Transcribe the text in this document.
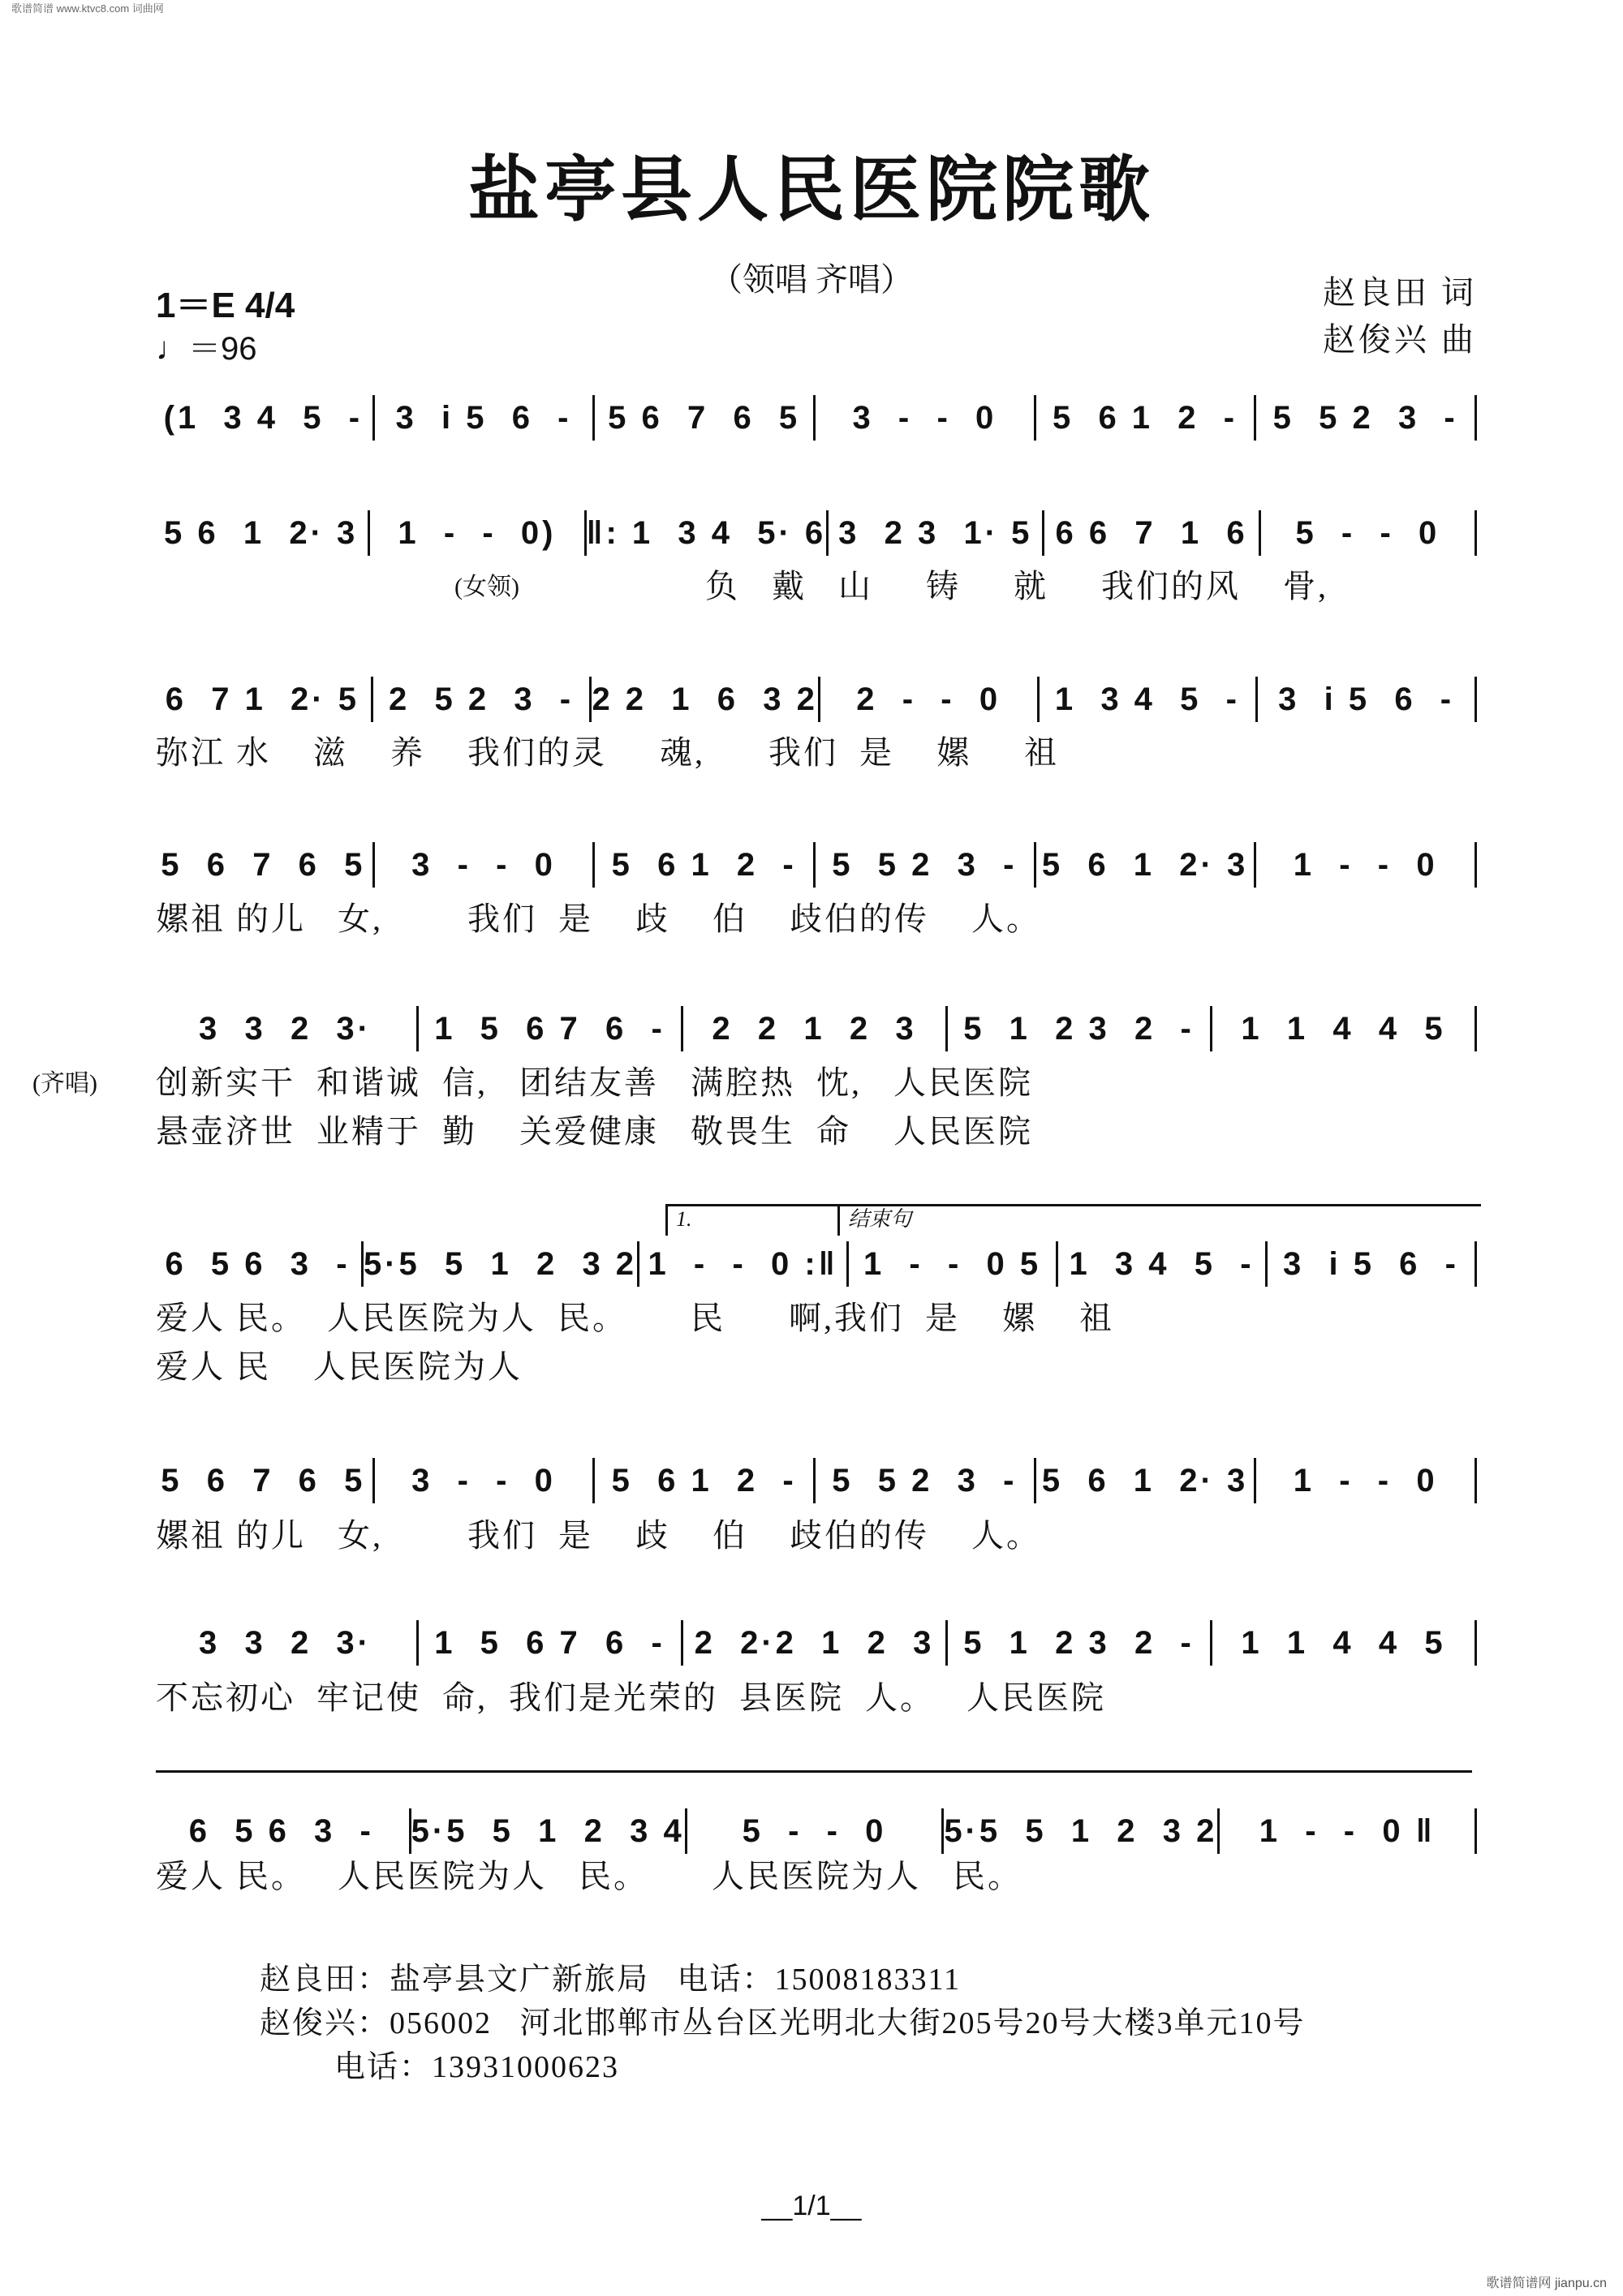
歌谱简谱 www.ktvc8.com 词曲网
盐亭县人民医院院歌
（领唱 齐唱）
1＝E 4/4
♩＝96
赵良田 词
赵俊兴 曲
(1  3 4  5  -	3  i 5  6  -	5 6  7  6  5	3  -  -  0	5  6 1  2  -	5  5 2  3  -
5 6  1  2· 3	1  -  -  0) ‖: 1  3 4  5· 6 3  2 3  1· 5 6 6  7  1  6	5  -  -  0
负   戴   山     铸     就     我们的风    骨,
(女领)
6  7 1  2· 5 2  5 2  3  - 2 2  1  6  3 2	2  -  -  0	1  3 4  5  -	3  i 5  6  -
弥江 水    滋    养    我们的灵     魂,      我们  是    嫘     祖
5  6  7  6  5	3  -  -  0	5  6 1  2  -	5  5 2  3  - 5  6  1  2· 3	1  -  -  0
嫘祖 的儿   女,        我们  是    歧    伯    歧伯的传    人。
3  3  2  3·	1  5  6 7  6  -	2  2  1  2  3	5  1  2 3  2  -	1  1  4  4  5
创新实干  和谐诚  信,   团结友善   满腔热  忱,   人民医院
悬壶济世  业精于  勤    关爱健康   敬畏生  命    人民医院
(齐唱)
6  5 6  3  - 5·5  5  1  2  3 2 1  -  -  0 :‖ 1  -  -  0 5 1  3 4  5  - 3  i 5  6  -
爱人 民。  人民医院为人  民。      民      啊,我们  是    嫘    祖
爱人 民    人民医院为人
1.	结束句
5  6  7  6  5	3  -  -  0	5  6 1  2  -	5  5 2  3  - 5  6  1  2· 3	1  -  -  0
嫘祖 的儿   女,        我们  是    歧    伯    歧伯的传    人。
3  3  2  3·	1  5  6 7  6  - 2  2·2  1  2  3 5  1  2 3  2  -	1  1  4  4  5
不忘初心  牢记使  命,  我们是光荣的  县医院  人。   人民医院
6  5 6  3  -	5·5  5  1  2  3 4	5  -  -  0	5·5  5  1  2  3 2	1  -  -  0 ‖
爱人 民。   人民医院为人   民。      人民医院为人   民。
赵良田：盐亭县文广新旅局   电话：15008183311
赵俊兴：056002   河北邯郸市丛台区光明北大街205号20号大楼3单元10号
电话：13931000623
__1/1__
歌谱简谱网 jianpu.cn
